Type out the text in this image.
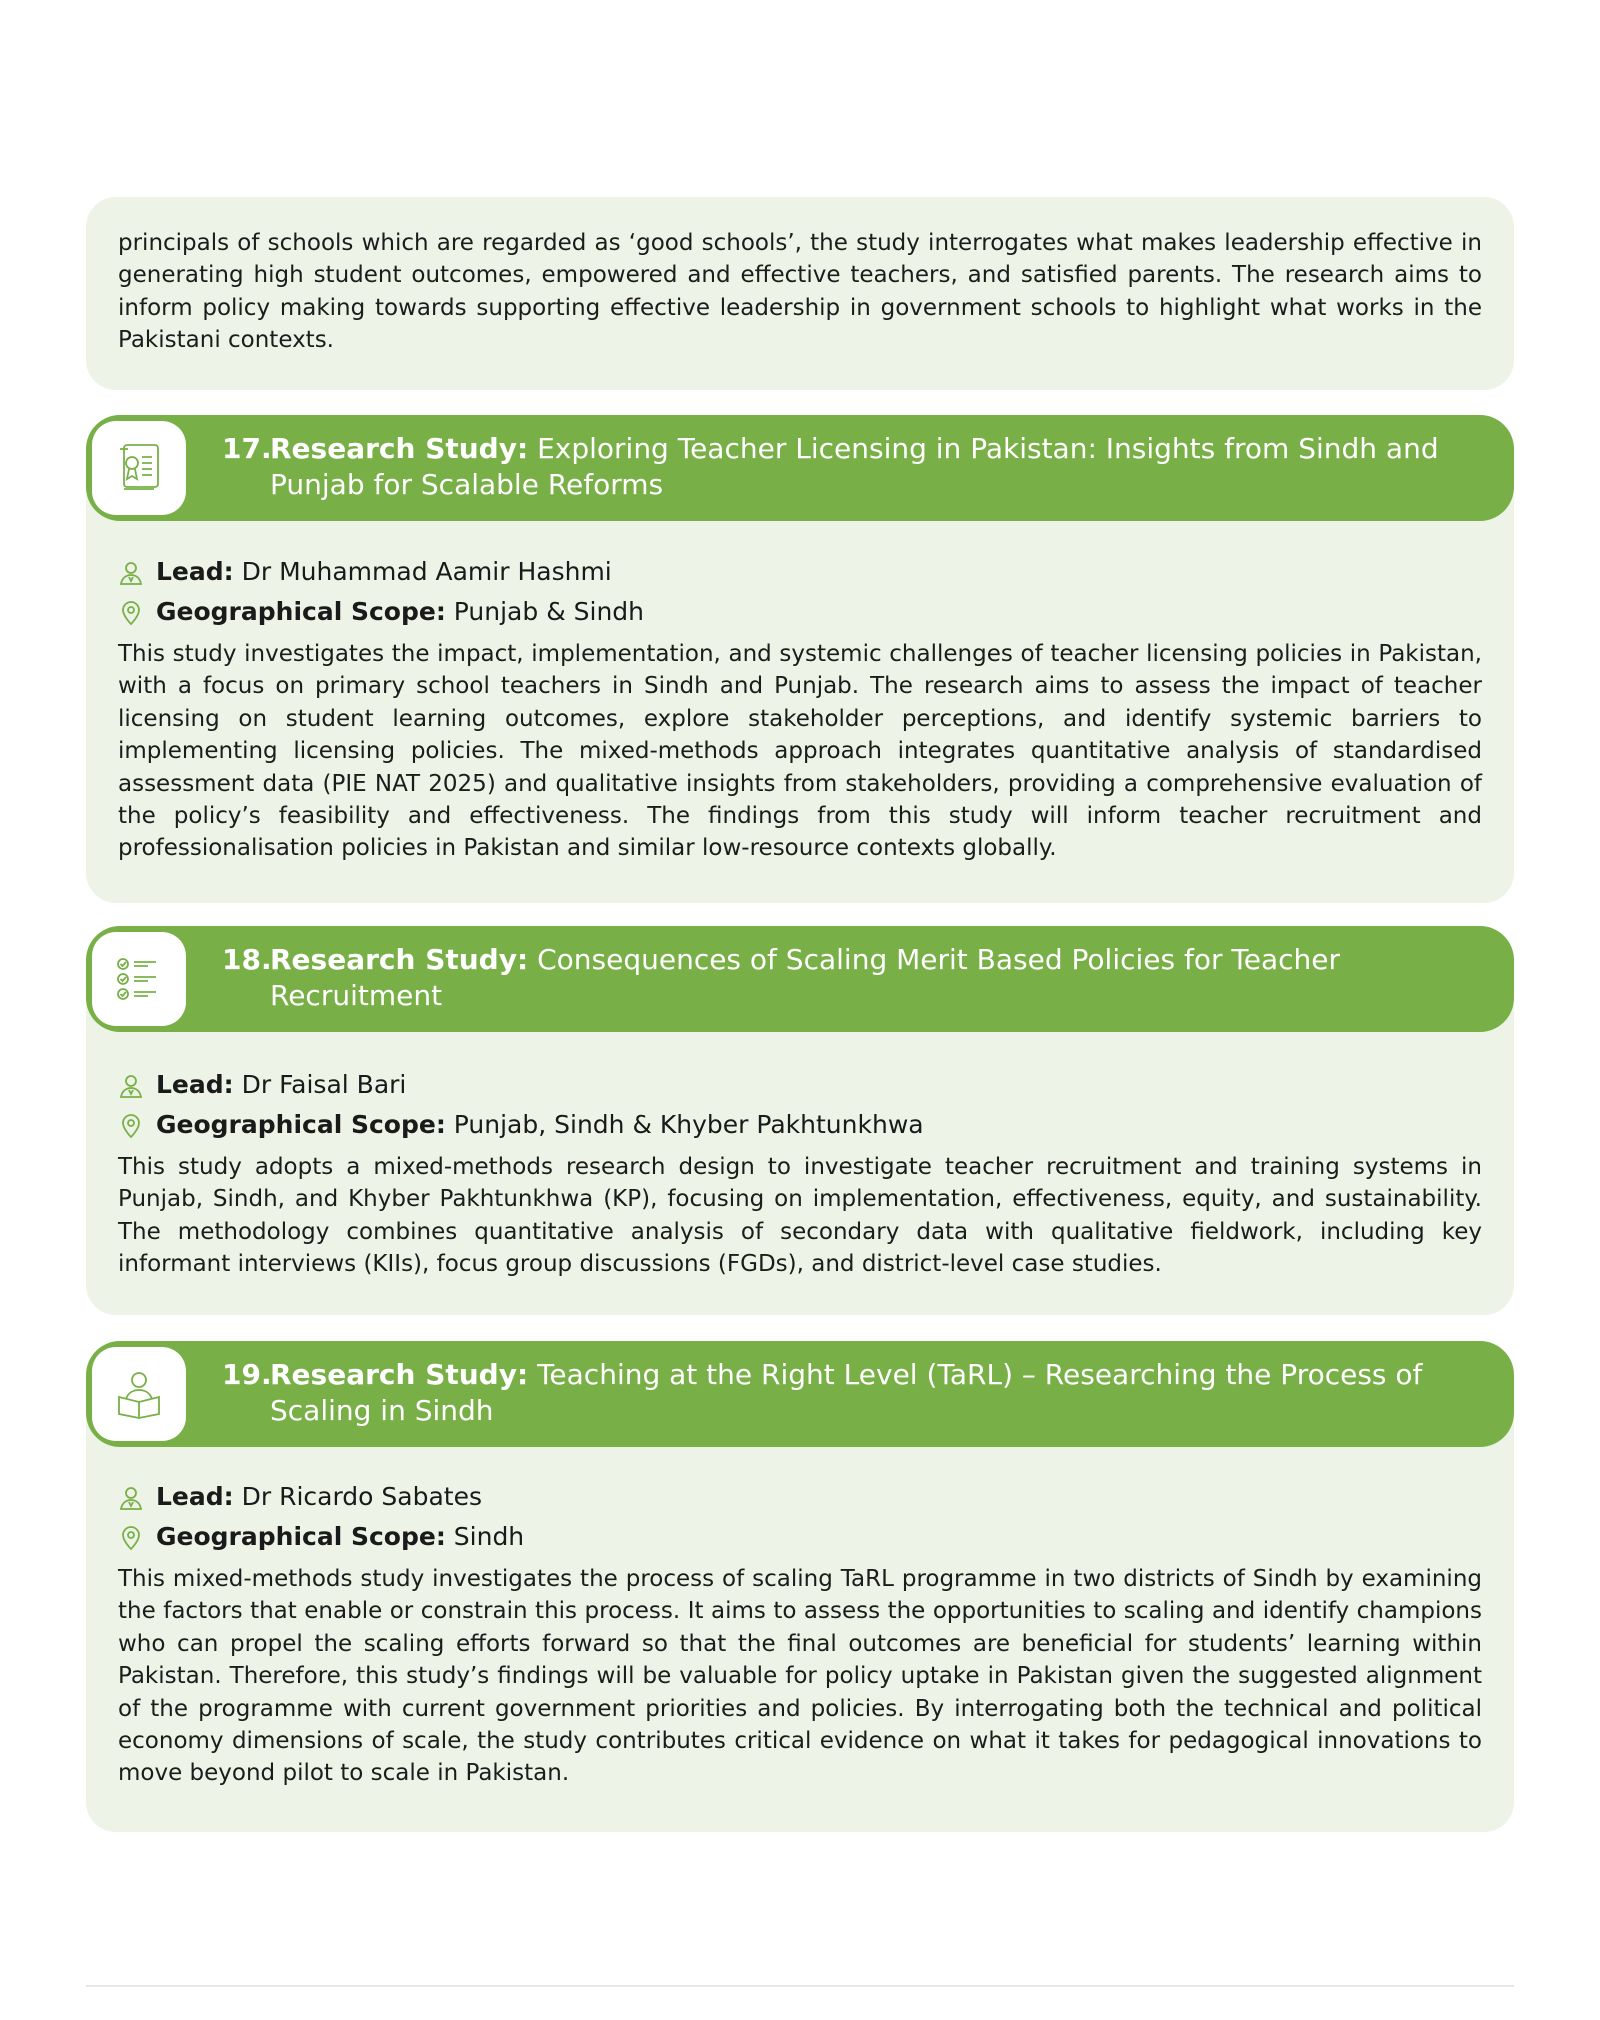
principals of schools which are regarded as ‘good schools’, the study interrogates what makes leadership effective in generating high student outcomes, empowered and effective teachers, and satisfied parents. The research aims to inform policy making towards supporting effective leadership in government schools to highlight what works in the Pakistani contexts.

Lead: Dr Muhammad Aamir Hashmi
Geographical Scope: Punjab & Sindh

This study investigates the impact, implementation, and systemic challenges of teacher licensing policies in Pakistan, with a focus on primary school teachers in Sindh and Punjab. The research aims to assess the impact of teacher licensing on student learning outcomes, explore stakeholder perceptions, and identify systemic barriers to implementing licensing policies. The mixed-methods approach integrates quantitative analysis of standardised assessment data (PIE NAT 2025) and qualitative insights from stakeholders, providing a comprehensive evaluation of the policy’s feasibility and effectiveness. The findings from this study will inform teacher recruitment and professionalisation policies in Pakistan and similar low-resource contexts globally.

17.
Research Study: Exploring Teacher Licensing in Pakistan: Insights from Sindh and Punjab for Scalable Reforms
Lead: Dr Faisal Bari
Geographical Scope: Punjab, Sindh & Khyber Pakhtunkhwa

This study adopts a mixed-methods research design to investigate teacher recruitment and training systems in Punjab, Sindh, and Khyber Pakhtunkhwa (KP), focusing on implementation, effectiveness, equity, and sustainability. The methodology combines quantitative analysis of secondary data with qualitative fieldwork, including key informant interviews (KIIs), focus group discussions (FGDs), and district-level case studies.

18.
Research Study: Consequences of Scaling Merit Based Policies for Teacher Recruitment
Lead: Dr Ricardo Sabates
Geographical Scope: Sindh

This mixed-methods study investigates the process of scaling TaRL programme in two districts of Sindh by examining the factors that enable or constrain this process. It aims to assess the opportunities to scaling and identify champions who can propel the scaling efforts forward so that the final outcomes are beneficial for students’ learning within Pakistan. Therefore, this study’s findings will be valuable for policy uptake in Pakistan given the suggested alignment of the programme with current government priorities and policies. By interrogating both the technical and political economy dimensions of scale, the study contributes critical evidence on what it takes for pedagogical innovations to move beyond pilot to scale in Pakistan.

19.
Research Study: Teaching at the Right Level (TaRL) – Researching the Process of Scaling in Sindh
